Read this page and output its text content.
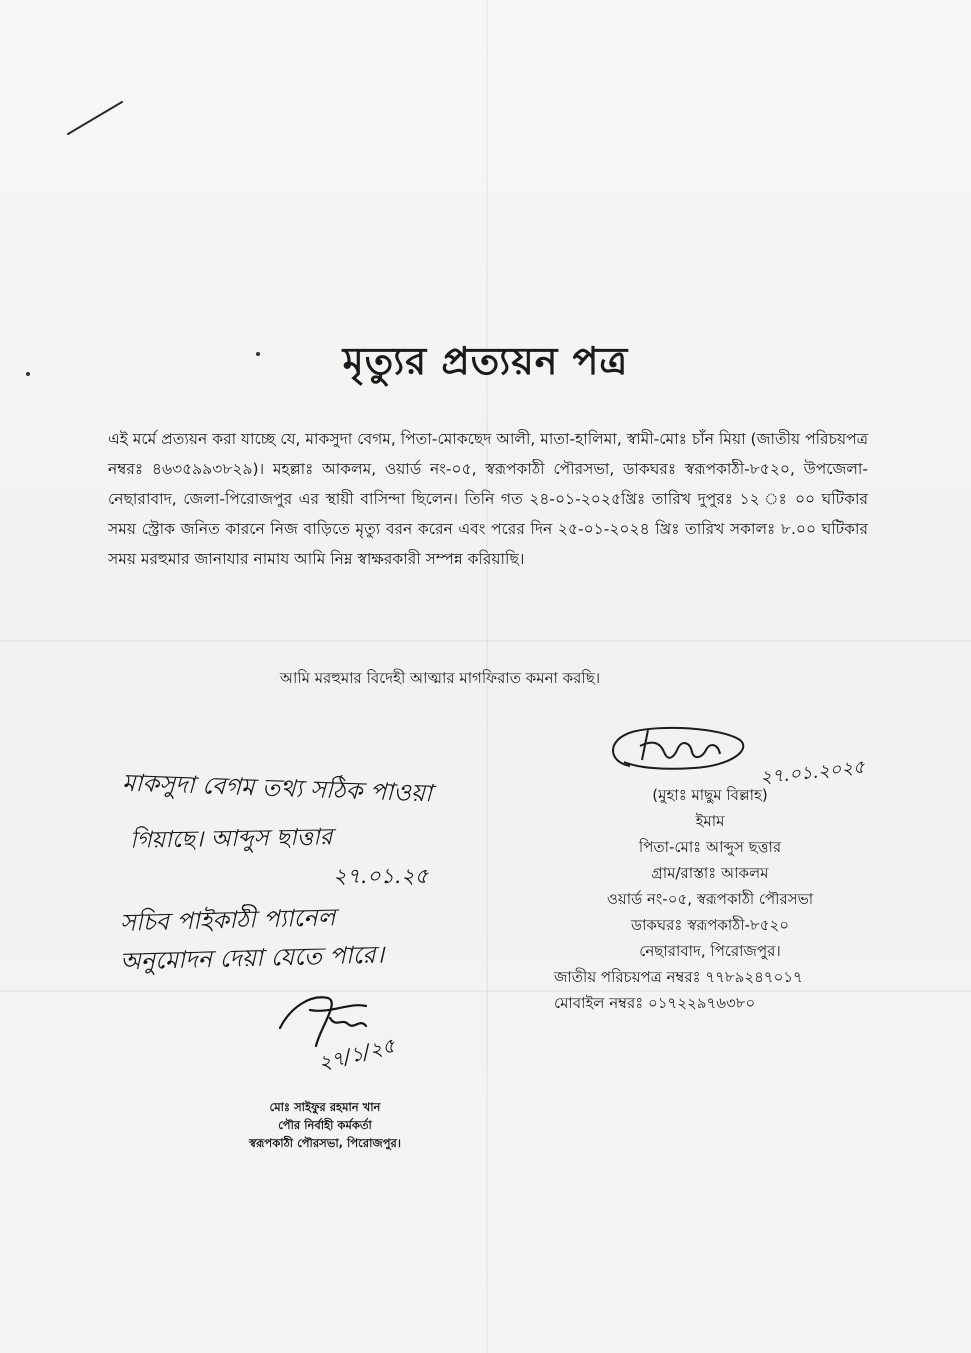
মৃত্যুর প্রত্যয়ন পত্র
এই মর্মে প্রত্যয়ন করা যাচ্ছে যে, মাকসুদা বেগম, পিতা-মোকছেদ আলী, মাতা-হালিমা, স্বামী-মোঃ চাঁন মিয়া (জাতীয় পরিচয়পত্র নম্বরঃ ৪৬৩৫৯৯৩৮২৯)। মহল্লাঃ আকলম, ওয়ার্ড নং-০৫, স্বরূপকাঠী পৌরসভা, ডাকঘরঃ স্বরূপকাঠী-৮৫২০, উপজেলা-নেছারাবাদ, জেলা-পিরোজপুর এর স্থায়ী বাসিন্দা ছিলেন। তিনি গত ২৪-০১-২০২৫খ্রিঃ তারিখ দুপুরঃ ১২ ঃ ০০ ঘটিকার সময় স্ট্রোক জনিত কারনে নিজ বাড়িতে মৃত্যু বরন করেন এবং পরের দিন ২৫-০১-২০২৪ খ্রিঃ তারিখ সকালঃ ৮.০০ ঘটিকার সময় মরহুমার জানাযার নামায আমি নিম্ন স্বাক্ষরকারী সম্পন্ন করিয়াছি।
আমি মরহুমার বিদেহী আত্মার মাগফিরাত কমনা করছি।
২৭.০১.২০২৫
(মুহাঃ মাছুম বিল্লাহ)
ইমাম
পিতা-মোঃ আব্দুস ছত্তার
গ্রাম/রাস্তাঃ আকলম
ওয়ার্ড নং-০৫, স্বরূপকাঠী পৌরসভা
ডাকঘরঃ স্বরূপকাঠী-৮৫২০
নেছারাবাদ, পিরোজপুর।
জাতীয় পরিচয়পত্র নম্বরঃ ৭৭৮৯২৪৭০১৭
মোবাইল নম্বরঃ ০১৭২২৯৭৬৩৮০
মাকসুদা বেগম তথ্য সঠিক পাওয়া
গিয়াছে। আব্দুস ছাত্তার
২৭.০১.২৫
সচিব পাইকাঠী প্যানেল
অনুমোদন দেয়া যেতে পারে।
২৭/১/২৫
মোঃ সাইফুর রহমান খান
পৌর নির্বাহী কর্মকর্তা
স্বরূপকাঠী পৌরসভা, পিরোজপুর।
